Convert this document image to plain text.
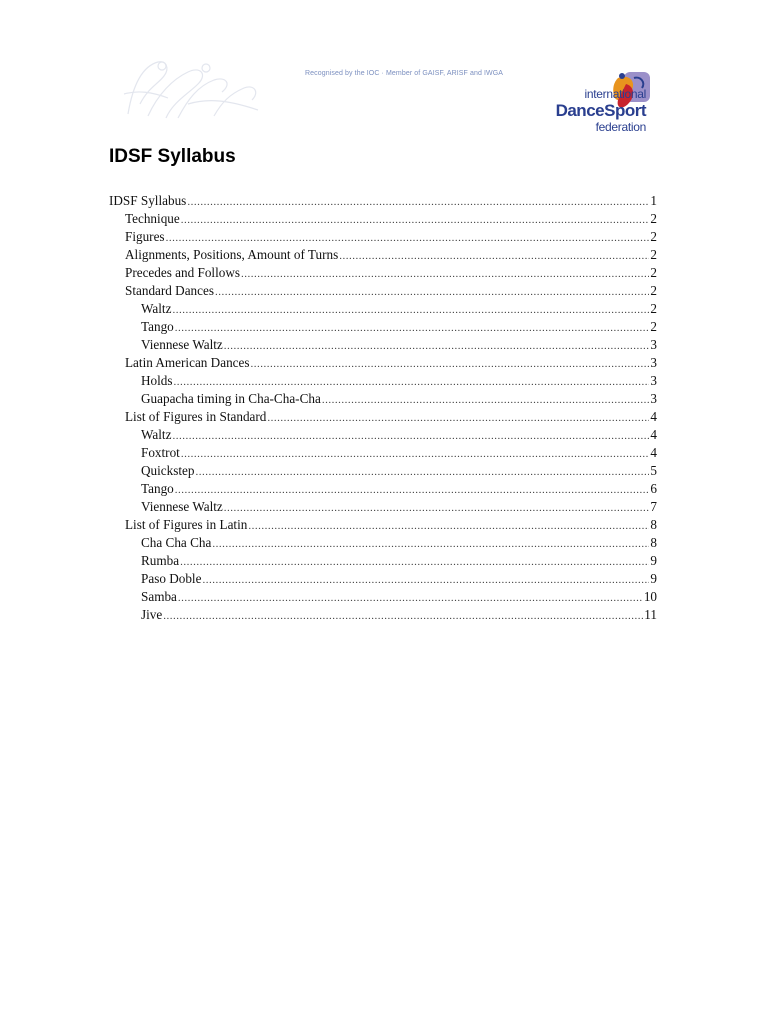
Recognised by the IOC · Member of GAISF, ARISF and IWGA
international
DanceSport
federation
IDSF Syllabus
IDSF Syllabus .....	1
Technique .....	2
Figures .....	2
Alignments, Positions, Amount of Turns .....	2
Precedes and Follows .....	2
Standard Dances .....	2
Waltz .....	2
Tango .....	2
Viennese Waltz .....	3
Latin American Dances .....	3
Holds .....	3
Guapacha timing in Cha-Cha-Cha .....	3
List of Figures in Standard .....	4
Waltz .....	4
Foxtrot .....	4
Quickstep .....	5
Tango .....	6
Viennese Waltz .....	7
List of Figures in Latin .....	8
Cha Cha Cha .....	8
Rumba .....	9
Paso Doble .....	9
Samba .....	10
Jive .....	11
